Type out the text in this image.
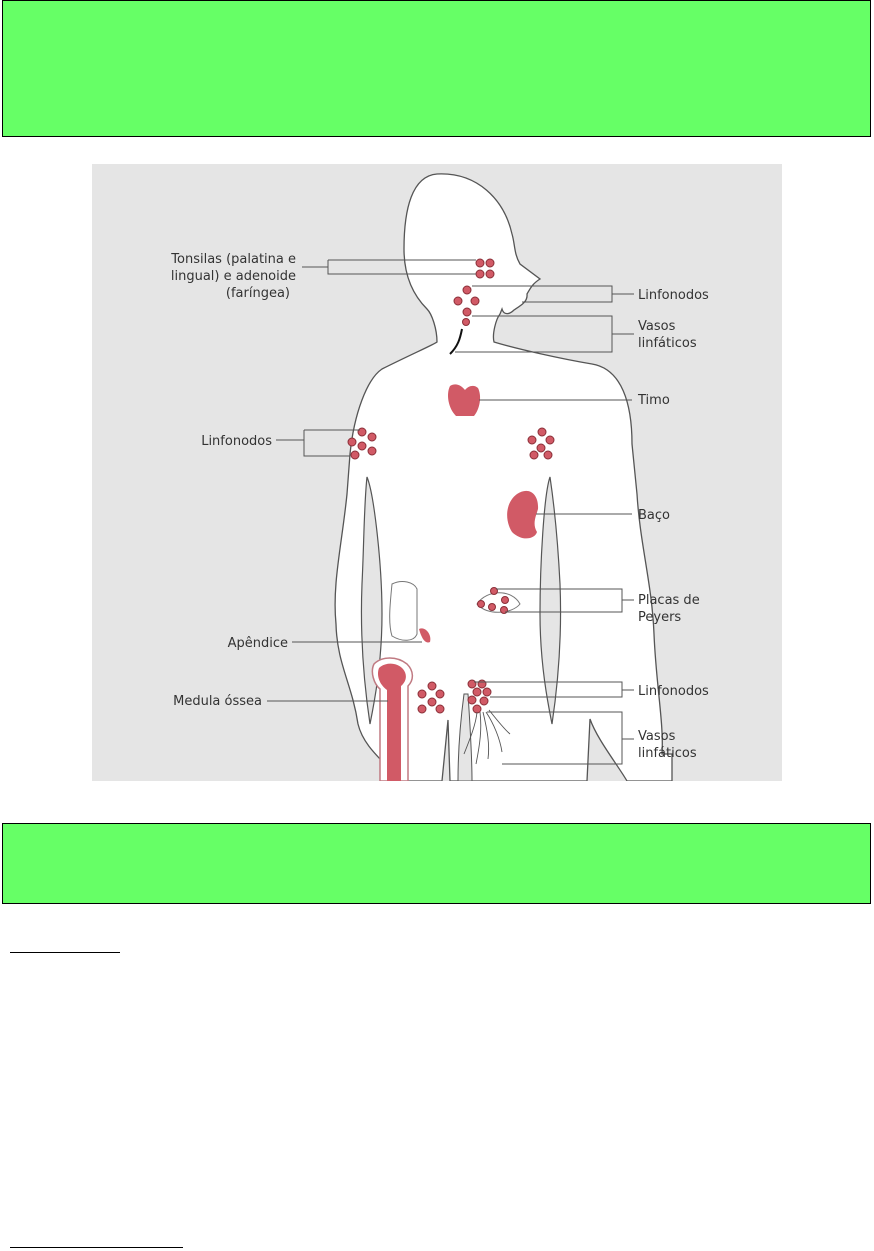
Tonsilas (palatina e
lingual) e adenoide
(faríngea)	Linfonodos
Vasos
linfáticos
Timo
Linfonodos
Baço
Placas de
Peyers
Apêndice
Medula óssea
Linfonodos
Vasos
linfáticos
